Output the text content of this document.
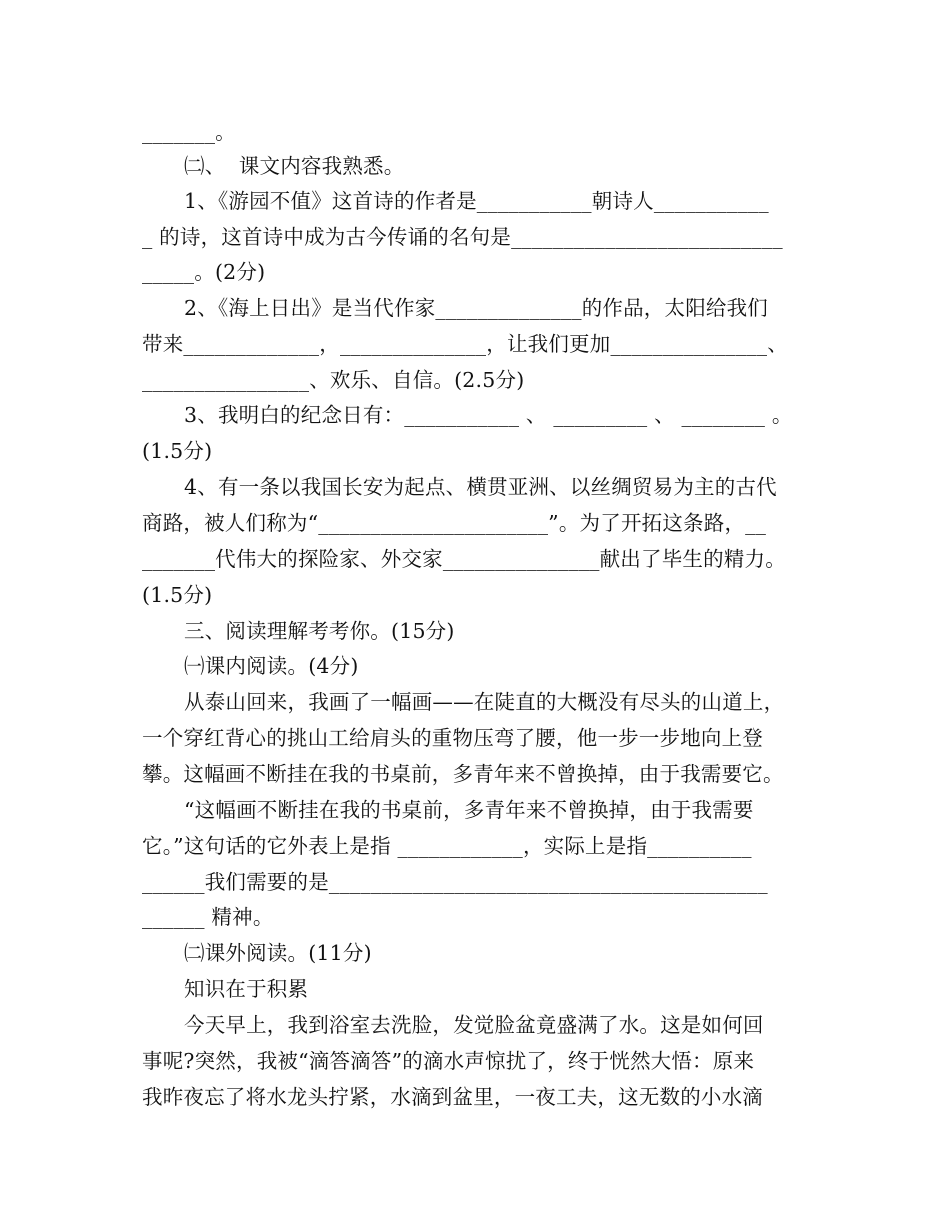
_______。
㈡、  课文内容我熟悉。
1、《游园不值》这首诗的作者是___________朝诗人___________
_ 的诗，这首诗中成为古今传诵的名句是__________________________
_____。(2分)
2、《海上日出》是当代作家______________的作品，太阳给我们
带来_____________，______________，让我们更加_______________、
________________、欢乐、自信。(2.5分)
3、我明白的纪念日有：___________ 、 _________ 、 ________ 。
(1.5分)
4、有一条以我国长安为起点、横贯亚洲、以丝绸贸易为主的古代
商路，被人们称为“______________________”。为了开拓这条路，__
_______代伟大的探险家、外交家_______________献出了毕生的精力。
(1.5分)
三、阅读理解考考你。(15分)
㈠课内阅读。(4分)
从泰山回来，我画了一幅画——在陡直的大概没有尽头的山道上，
一个穿红背心的挑山工给肩头的重物压弯了腰，他一步一步地向上登
攀。这幅画不断挂在我的书桌前，多青年来不曾换掉，由于我需要它。
“这幅画不断挂在我的书桌前，多青年来不曾换掉，由于我需要
它。”这句话的它外表上是指 ____________，实际上是指__________
______我们需要的是__________________________________________
______ 精神。
㈡课外阅读。(11分)
知识在于积累
今天早上，我到浴室去洗脸，发觉脸盆竟盛满了水。这是如何回
事呢?突然，我被“滴答滴答”的滴水声惊扰了，终于恍然大悟：原来
我昨夜忘了将水龙头拧紧，水滴到盆里，一夜工夫，这无数的小水滴
